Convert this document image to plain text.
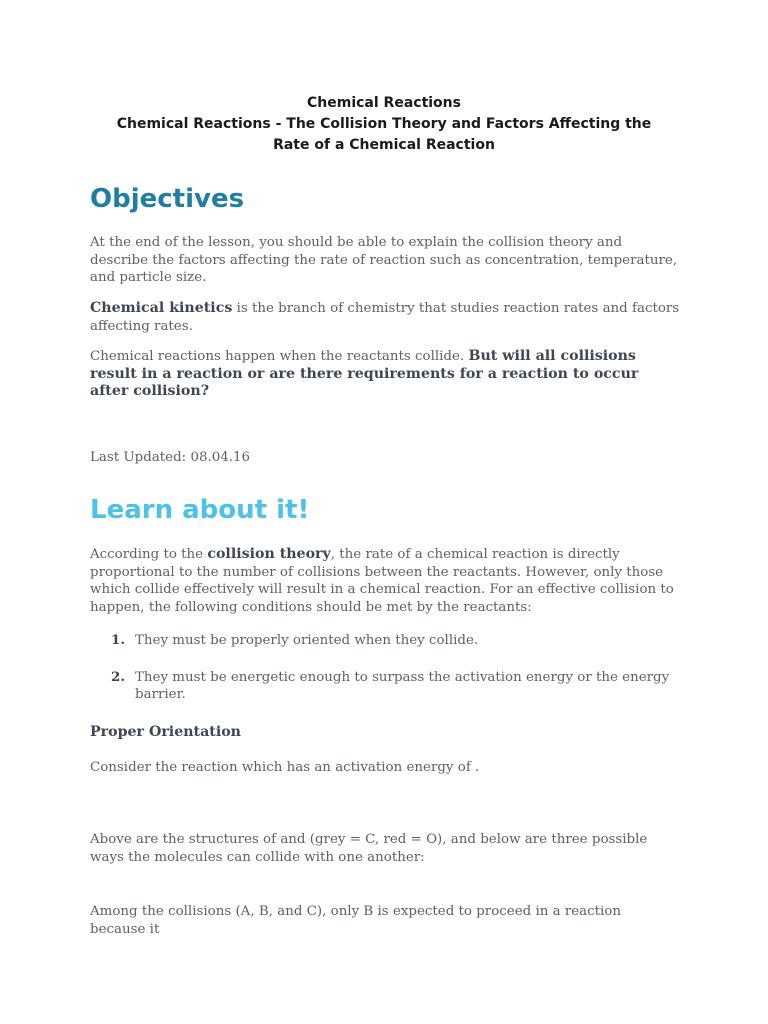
Chemical Reactions
Chemical Reactions - The Collision Theory and Factors Affecting the
Rate of a Chemical Reaction
Objectives

At the end of the lesson, you should be able to explain the collision theory and describe the factors affecting the rate of reaction such as concentration, temperature, and particle size.

Chemical kinetics is the branch of chemistry that studies reaction rates and factors affecting rates.

Chemical reactions happen when the reactants collide. But will all collisions result in a reaction or are there requirements for a reaction to occur after collision?

Last Updated: 08.04.16

Learn about it!

According to the collision theory, the rate of a chemical reaction is directly proportional to the number of collisions between the reactants. However, only those which collide effectively will result in a chemical reaction. For an effective collision to happen, the following conditions should be met by the reactants:

1. They must be properly oriented when they collide.
2. They must be energetic enough to surpass the activation energy or the energy barrier.
Proper Orientation

Consider the reaction which has an activation energy of .

Above are the structures of and (grey = C, red = O), and below are three possible ways the molecules can collide with one another:

Among the collisions (A, B, and C), only B is expected to proceed in a reaction because it
